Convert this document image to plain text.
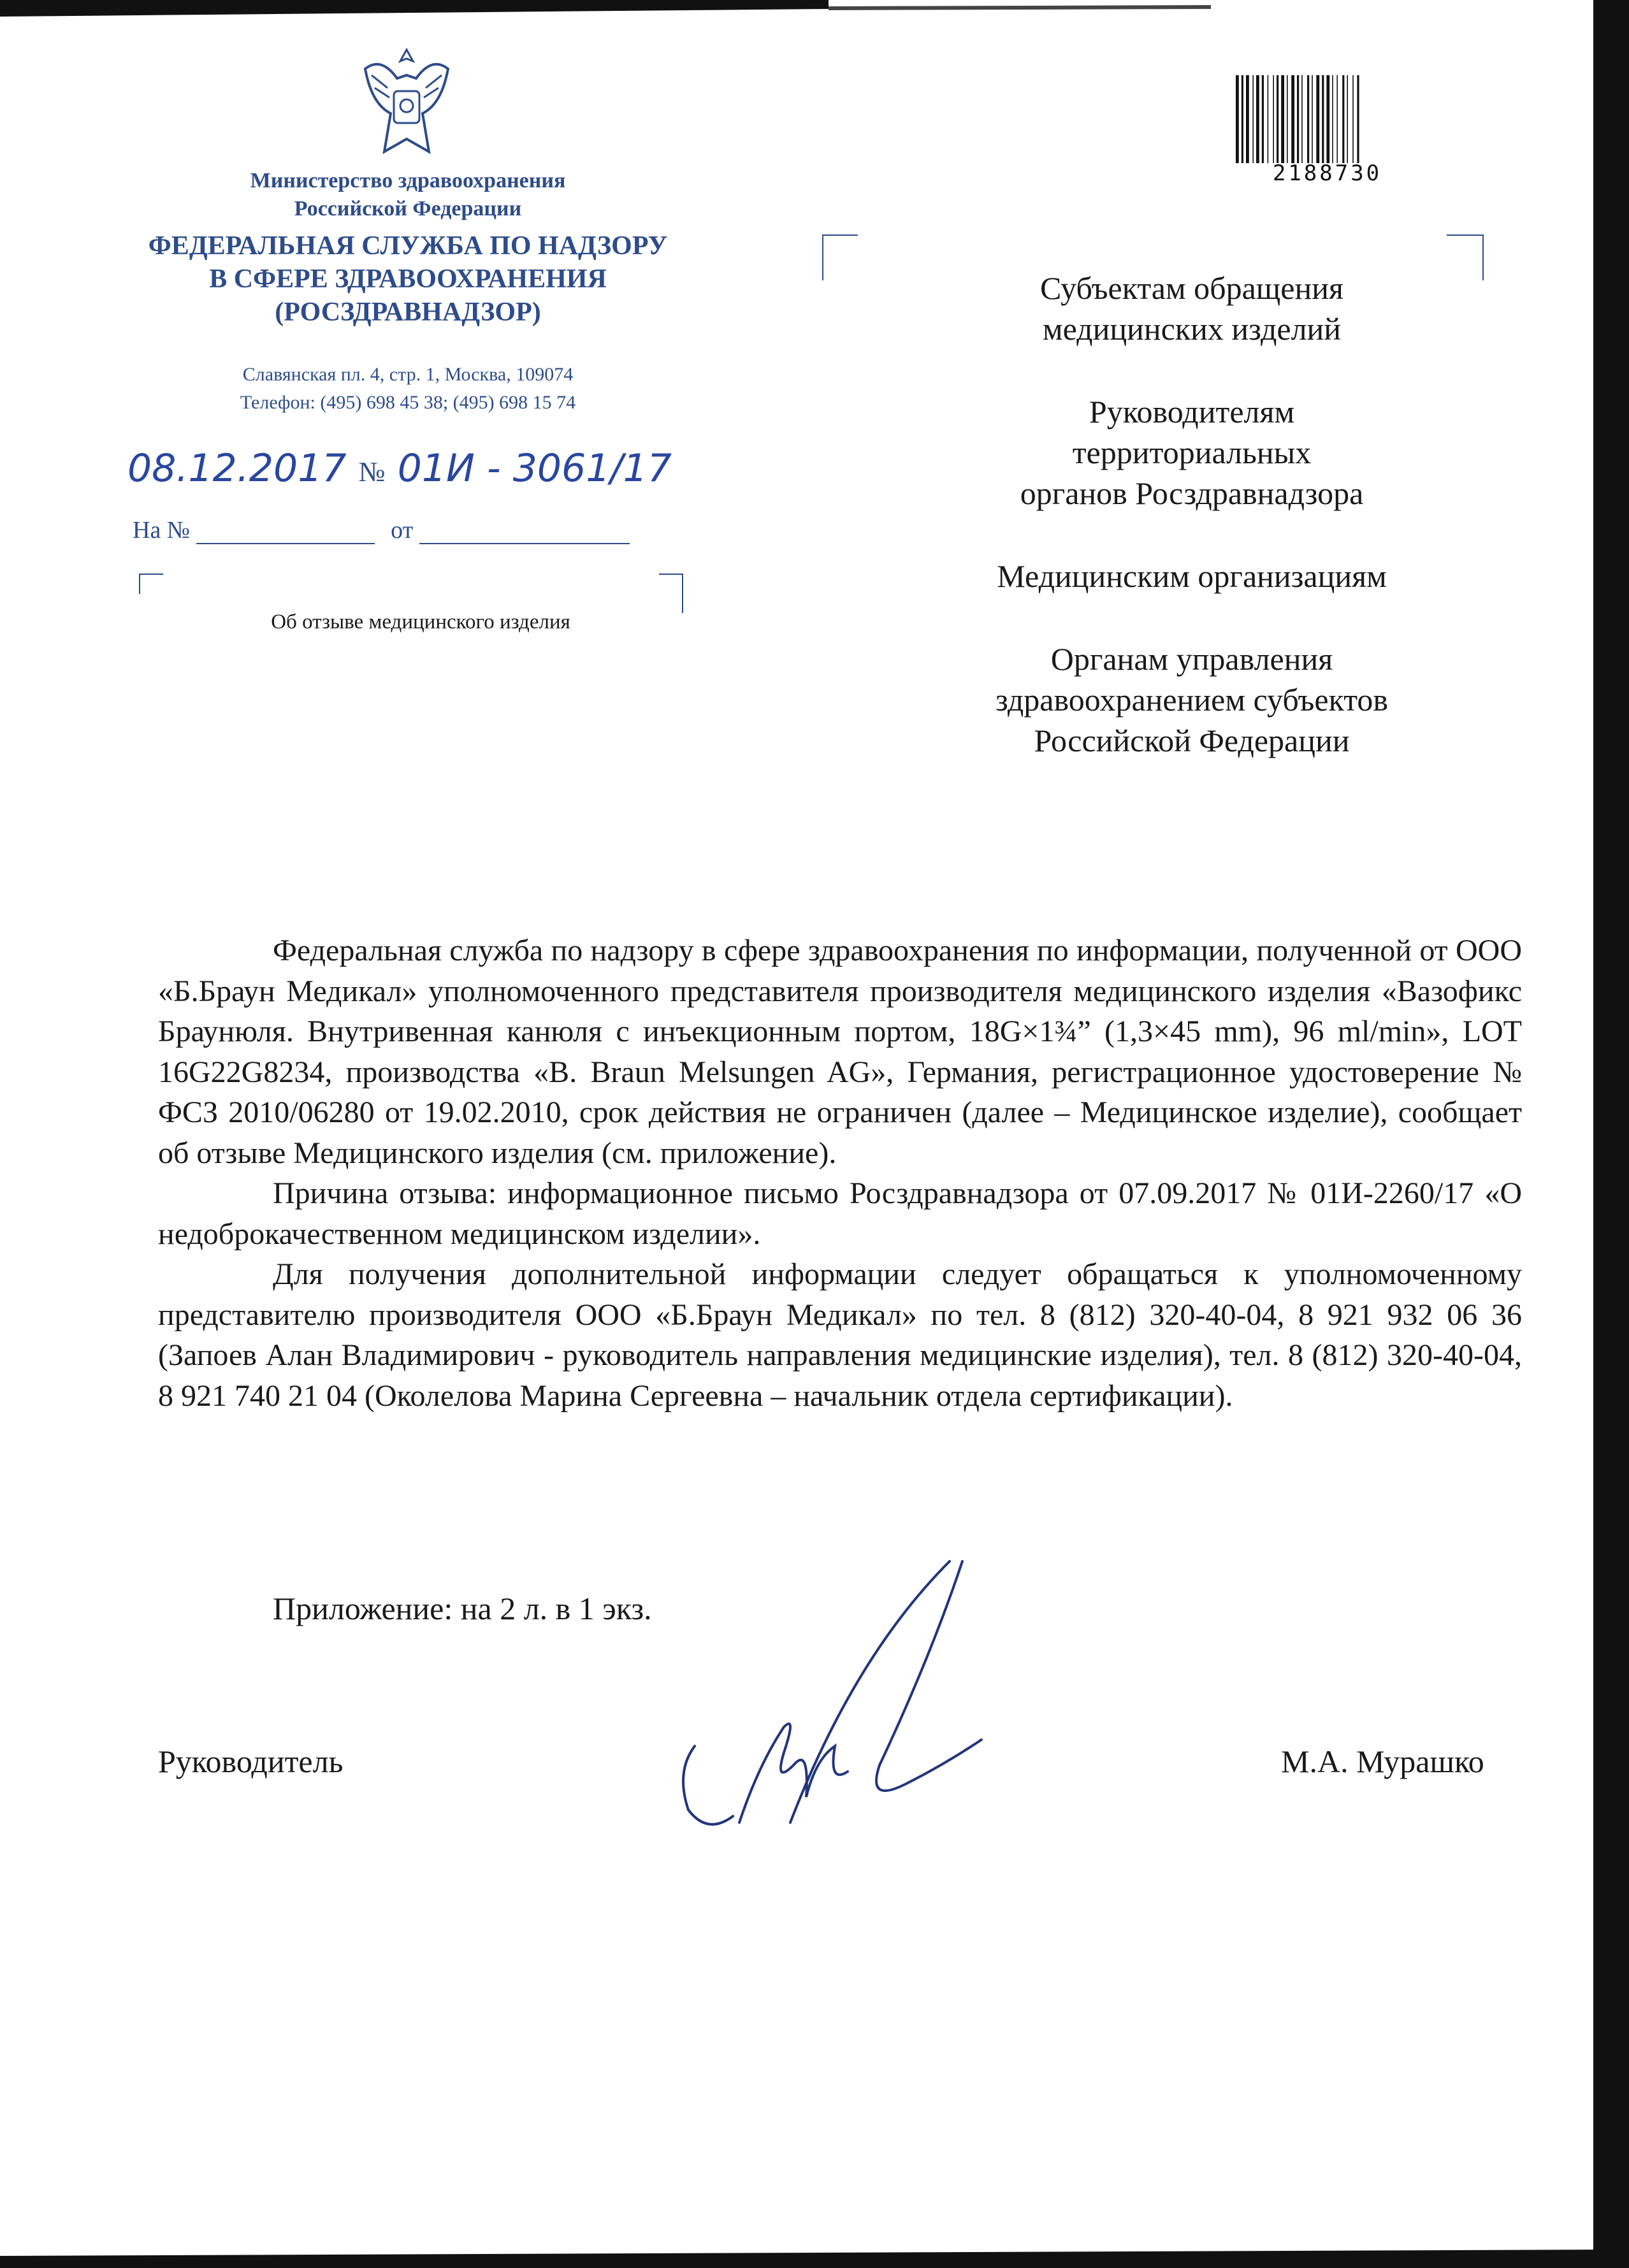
Министерство здравоохранения
Российской Федерации
ФЕДЕРАЛЬНАЯ СЛУЖБА ПО НАДЗОРУ
В СФЕРЕ ЗДРАВООХРАНЕНИЯ
(РОСЗДРАВНАДЗОР)
Славянская пл. 4, стр. 1, Москва, 109074
Телефон: (495) 698 45 38; (495) 698 15 74
08.12.2017 № 01И - 3061/17
На №	от
Об отзыве медицинского изделия
2188730
Субъектам обращения
медицинских изделий
Руководителям
территориальных
органов Росздравнадзора
Медицинским организациям
Органам управления
здравоохранением субъектов
Российской Федерации

Федеральная служба по надзору в сфере здравоохранения по информации, полученной от ООО «Б.Браун Медикал» уполномоченного представителя производителя медицинского изделия «Вазофикс Браунюля. Внутривенная канюля с инъекционным портом, 18G×1¾” (1,3×45 mm), 96 ml/min», LOT 16G22G8234, производства «B. Braun Melsungen AG», Германия, регистрационное удостоверение № ФСЗ 2010/06280 от 19.02.2010, срок действия не ограничен (далее – Медицинское изделие), сообщает об отзыве Медицинского изделия (см. приложение).

Причина отзыва: информационное письмо Росздравнадзора от 07.09.2017 № 01И-2260/17 «О недоброкачественном медицинском изделии».

Для получения дополнительной информации следует обращаться к уполномоченному представителю производителя ООО «Б.Браун Медикал» по тел. 8 (812) 320-40-04, 8 921 932 06 36 (Запоев Алан Владимирович - руководитель направления медицинские изделия), тел. 8 (812) 320-40-04, 8 921 740 21 04 (Околелова Марина Сергеевна – начальник отдела сертификации).

Приложение: на 2 л. в 1 экз.
Руководитель	М.А. Мурашко
